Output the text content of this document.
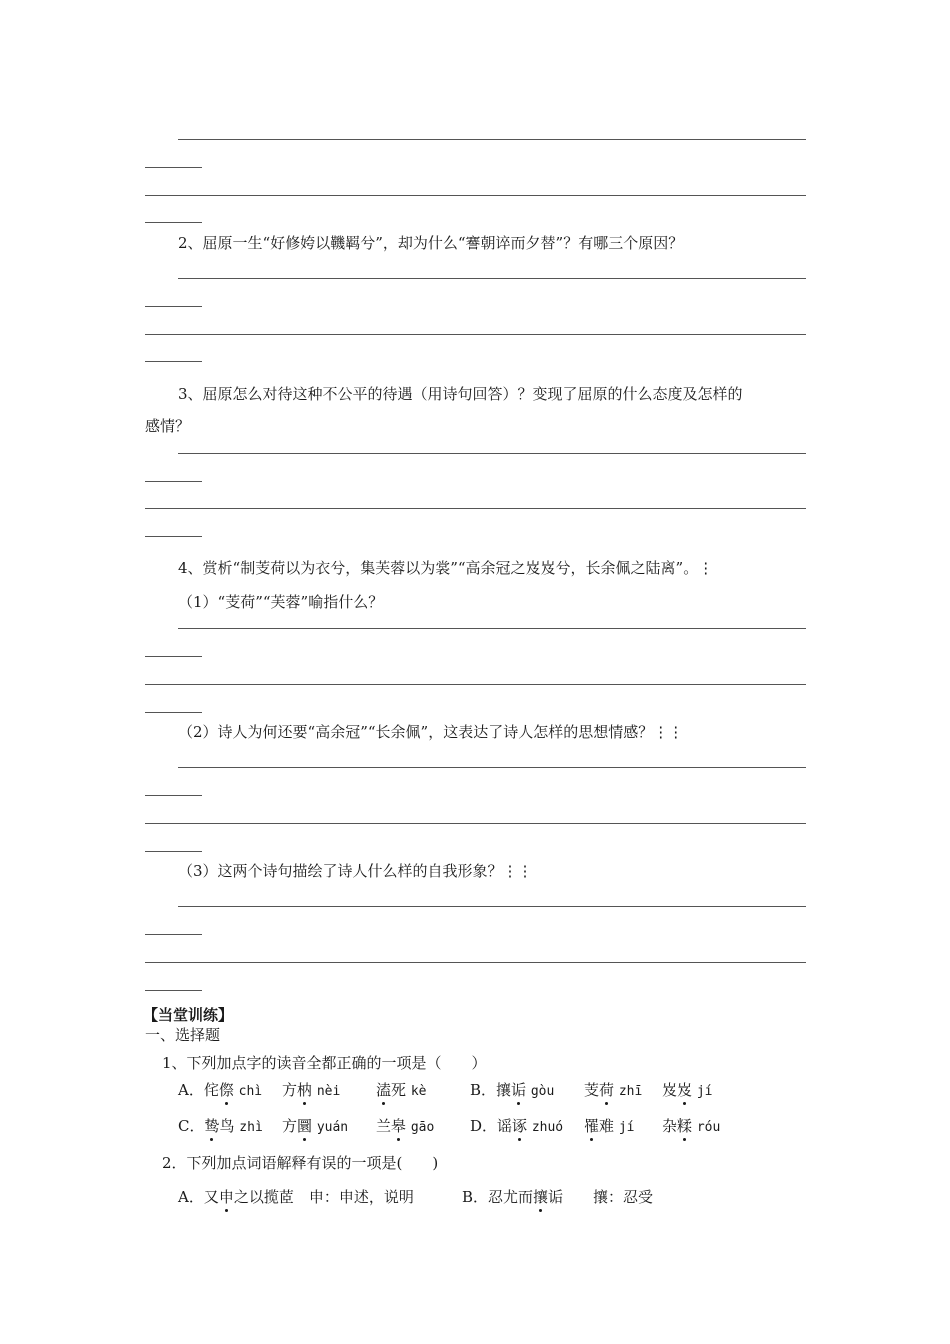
2、屈原一生“好修姱以鞿羁兮”，却为什么“謇朝谇而夕替”？有哪三个原因？
3、屈原怎么对待这种不公平的待遇（用诗句回答）？变现了屈原的什么态度及怎样的
感情？
4、赏析“制芰荷以为衣兮，集芙蓉以为裳”“高余冠之岌岌兮，长余佩之陆离”。⋮
（1）“芰荷”“芙蓉”喻指什么？
（2）诗人为何还要“高余冠”“长余佩”，这表达了诗人怎样的思想情感？⋮⋮
（3）这两个诗句描绘了诗人什么样的自我形象？⋮⋮
【当堂训练】
一、选择题
1、下列加点字的读音全都正确的一项是（　　）
A．侘傺 chì 方枘 nèi 溘死 kè	B．攘诟 gòu 芰荷 zhī 岌岌 jí
C．鸷鸟 zhì 方圜 yuán 兰皋 gāo D．谣诼 zhuó 罹难 jí 杂糅 róu
2．下列加点词语解释有误的一项是(　　)
A．又申之以揽茝　申：申述，说明	B．忍尤而攘诟　　攘：忍受
